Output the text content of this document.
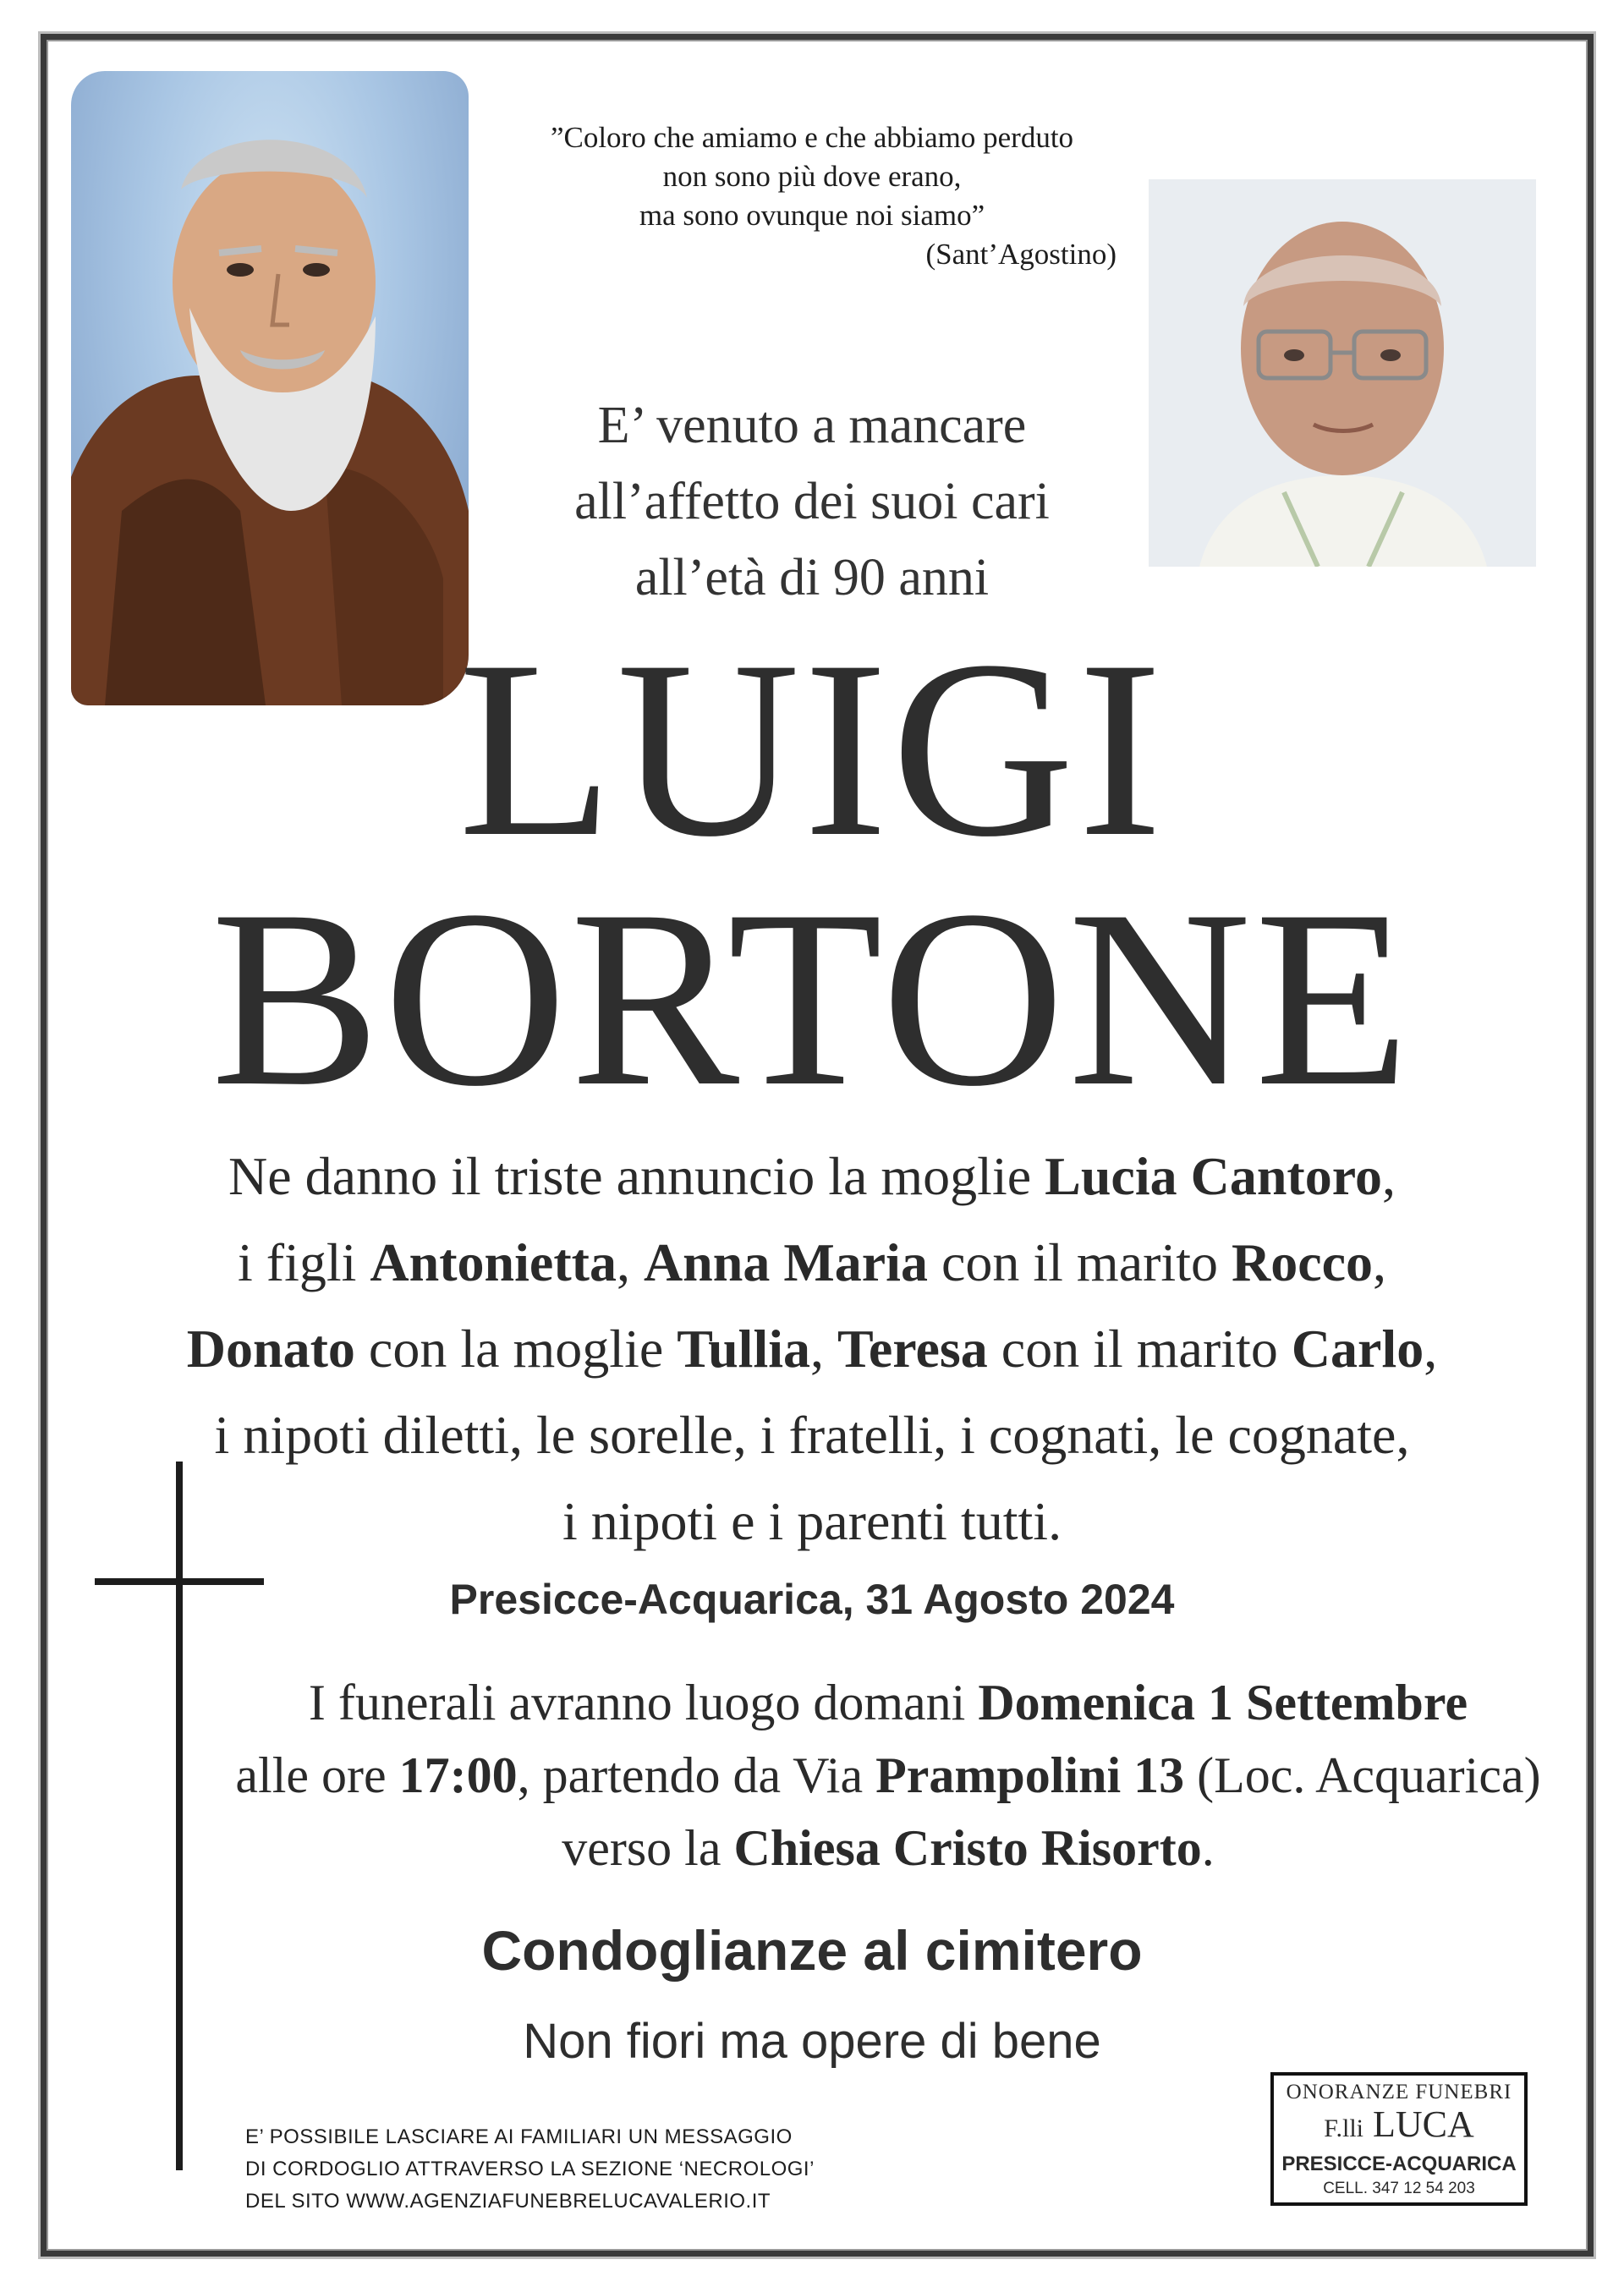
”Coloro che amiamo e che abbiamo perduto
non sono più dove erano,
ma sono ovunque noi siamo”
(Sant’Agostino)
E’ venuto a mancare
all’affetto dei suoi cari
all’età di 90 anni
LUIGI
BORTONE
Ne danno il triste annuncio la moglie Lucia Cantoro,
i figli Antonietta, Anna Maria con il marito Rocco,
Donato con la moglie Tullia, Teresa con il marito Carlo,
i nipoti diletti, le sorelle, i fratelli, i cognati, le cognate,
i nipoti e i parenti tutti.
Presicce-Acquarica, 31 Agosto 2024
I funerali avranno luogo domani Domenica 1 Settembre
alle ore 17:00, partendo da Via Prampolini 13 (Loc. Acquarica)
verso la Chiesa Cristo Risorto.
Condoglianze al cimitero
Non fiori ma opere di bene
E’ POSSIBILE LASCIARE AI FAMILIARI UN MESSAGGIO
DI CORDOGLIO ATTRAVERSO LA SEZIONE ‘NECROLOGI’
DEL SITO WWW.AGENZIAFUNEBRELUCAVALERIO.IT
ONORANZE FUNEBRI
F.lli LUCA
PRESICCE-ACQUARICA
CELL. 347 12 54 203
